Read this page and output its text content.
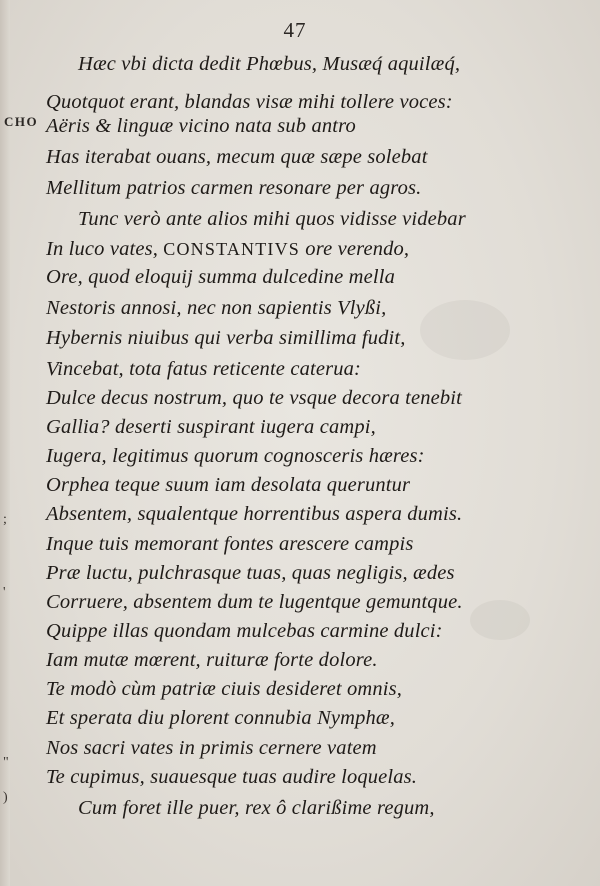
47
CHO
;
'
"
)
Hæc vbi dicta dedit Phœbus, Musæq́ aquilæq́,
Quotquot erant, blandas visæ mihi tollere voces:
Aëris & linguæ vicino nata sub antro
Has iterabat ouans, mecum quæ sæpe solebat
Mellitum patrios carmen resonare per agros.
Tunc verò ante alios mihi quos vidisse videbar
In luco vates, CONSTANTIVS ore verendo,
Ore, quod eloquij summa dulcedine mella
Nestoris annosi, nec non sapientis Vlyßi,
Hybernis niuibus qui verba simillima fudit,
Vincebat, tota fatus reticente caterua:
Dulce decus nostrum, quo te vsque decora tenebit
Gallia? deserti suspirant iugera campi,
Iugera, legitimus quorum cognosceris hæres:
Orphea teque suum iam desolata queruntur
Absentem, squalentque horrentibus aspera dumis.
Inque tuis memorant fontes arescere campis
Præ luctu, pulchrasque tuas, quas negligis, ædes
Corruere, absentem dum te lugentque gemuntque.
Quippe illas quondam mulcebas carmine dulci:
Iam mutæ mœrent, ruituræ forte dolore.
Te modò cùm patriæ ciuis desideret omnis,
Et sperata diu plorent connubia Nymphæ,
Nos sacri vates in primis cernere vatem
Te cupimus, suauesque tuas audire loquelas.
Cum foret ille puer, rex ô clarißime regum,
